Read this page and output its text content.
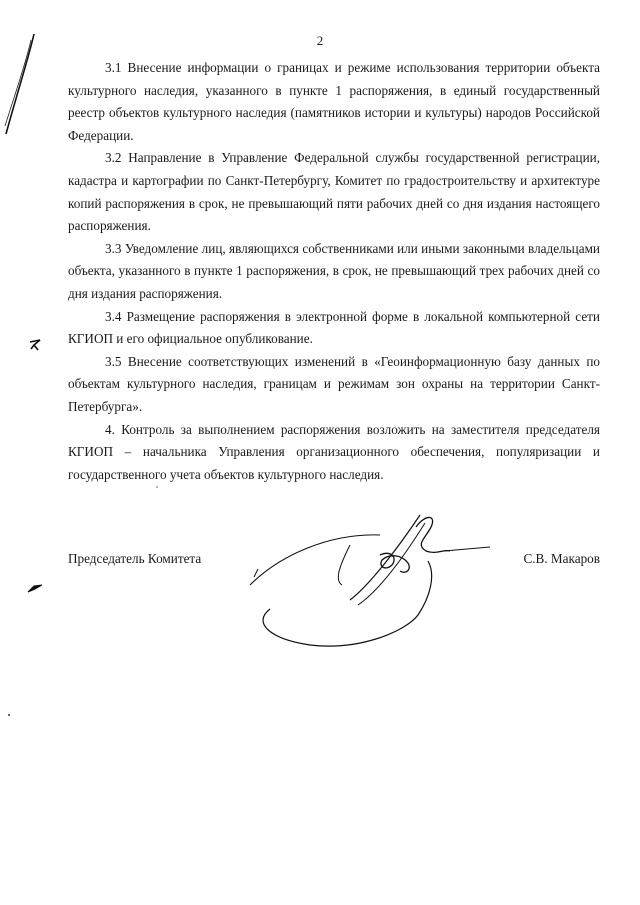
2

3.1 Внесение информации о границах и режиме использования территории объекта культурного наследия, указанного в пункте 1 распоряжения, в единый государственный реестр объектов культурного наследия (памятников истории и культуры) народов Российской Федерации.

3.2 Направление в Управление Федеральной службы государственной регистрации, кадастра и картографии по Санкт-Петербургу, Комитет по градостроительству и архитектуре копий распоряжения в срок, не превышающий пяти рабочих дней со дня издания настоящего распоряжения.

3.3 Уведомление лиц, являющихся собственниками или иными законными владельцами объекта, указанного в пункте 1 распоряжения, в срок, не превышающий трех рабочих дней со дня издания распоряжения.

3.4 Размещение распоряжения в электронной форме в локальной компьютерной сети КГИОП и его официальное опубликование.

3.5 Внесение соответствующих изменений в «Геоинформационную базу данных по объектам культурного наследия, границам и режимам зон охраны на территории Санкт-Петербурга».

4. Контроль за выполнением распоряжения возложить на заместителя председателя КГИОП – начальника Управления организационного обеспечения, популяризации и государственного учета объектов культурного наследия.

Председатель Комитета	С.В. Макаров
